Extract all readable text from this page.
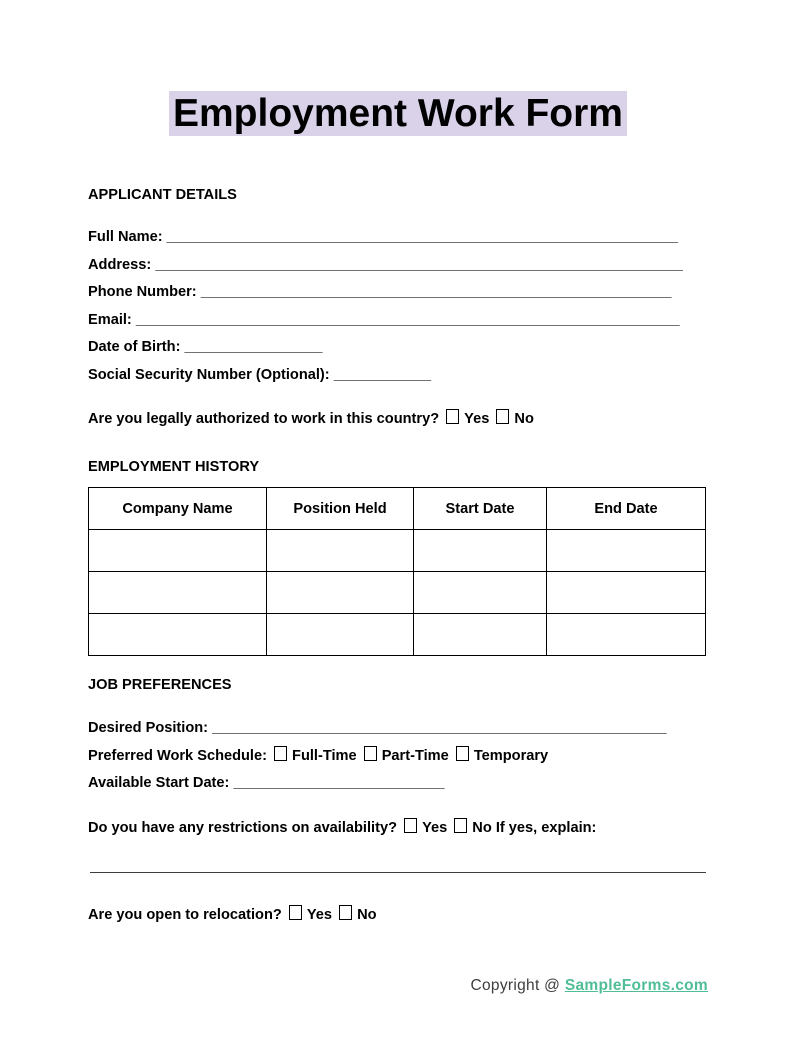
Employment Work Form

APPLICANT DETAILS

Full Name: _______________________________________________________________

Address: _________________________________________________________________

Phone Number: __________________________________________________________

Email: ___________________________________________________________________

Date of Birth: _________________

Social Security Number (Optional): ____________

Are you legally authorized to work in this country? Yes No

EMPLOYMENT HISTORY

Company Name	Position Held	Start Date	End Date

JOB PREFERENCES

Desired Position: ________________________________________________________

Preferred Work Schedule: Full-Time Part-Time Temporary

Available Start Date: __________________________

Do you have any restrictions on availability? Yes No If yes, explain:

Are you open to relocation? Yes No

Copyright @ SampleForms.com
